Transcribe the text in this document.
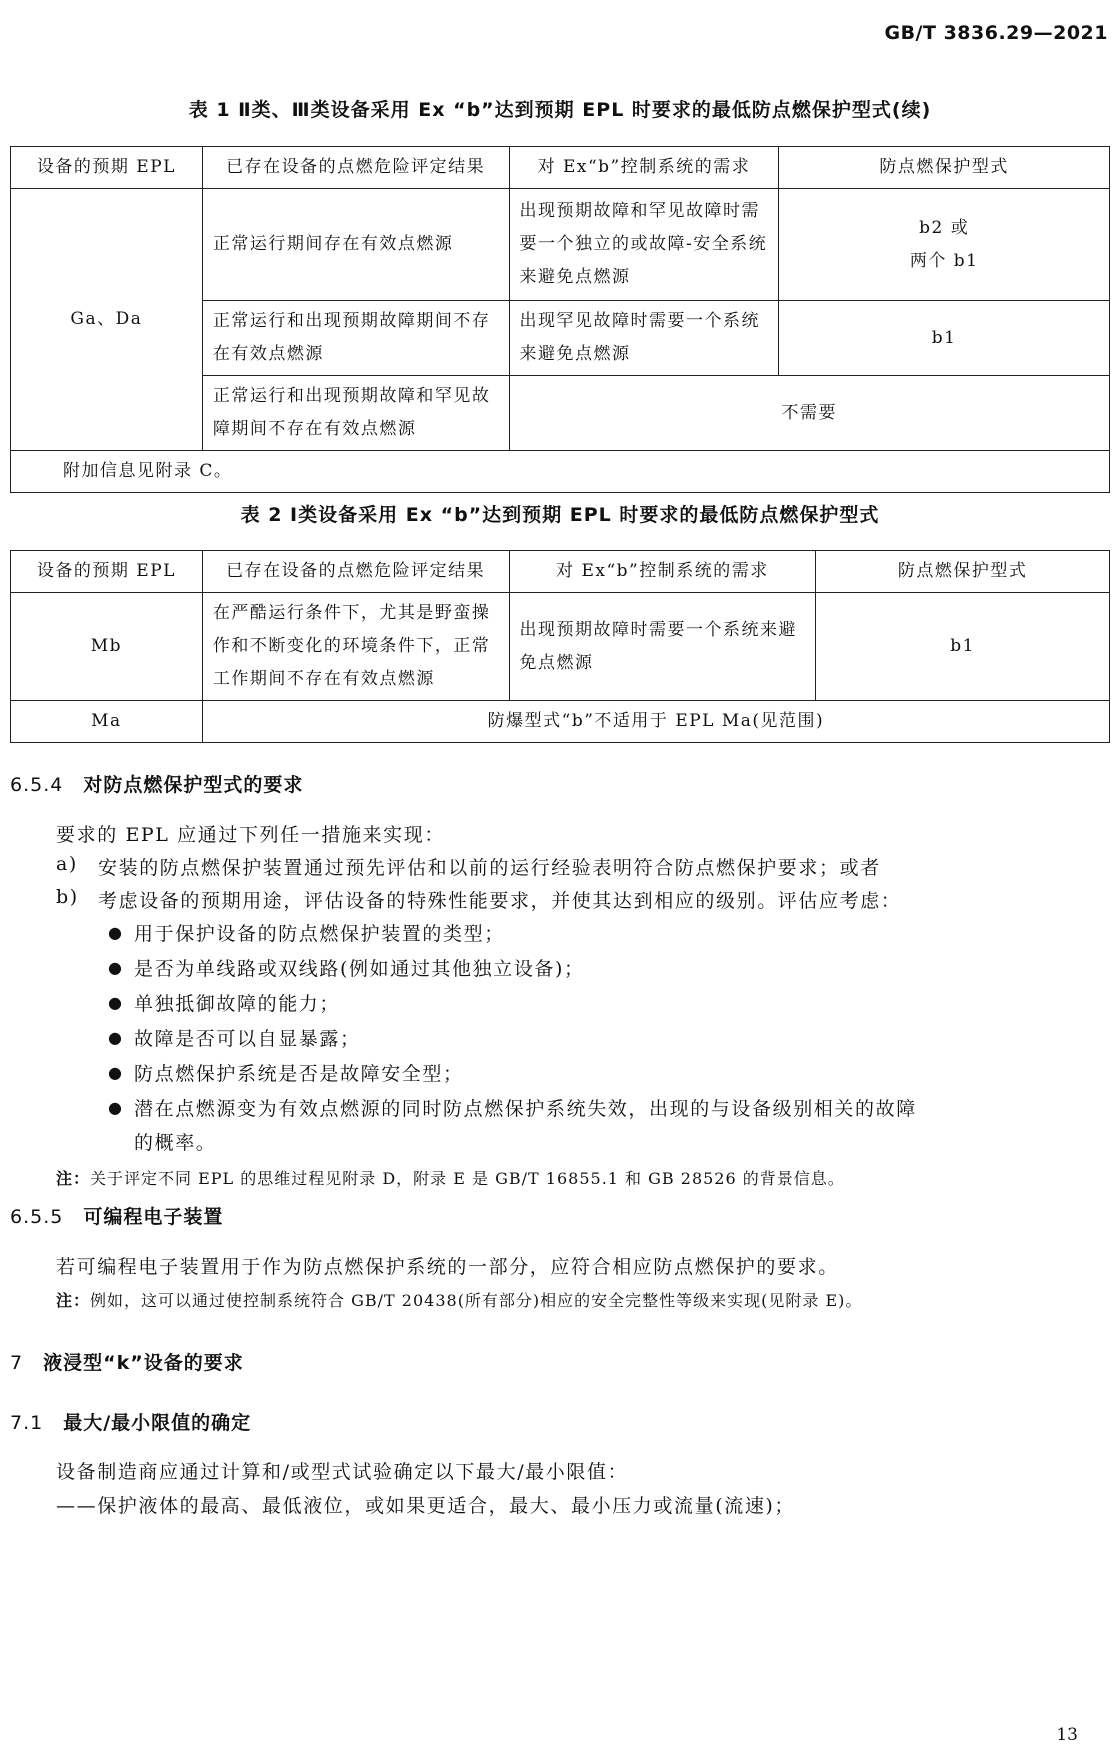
GB/T 3836.29—2021
表 1 Ⅱ类、Ⅲ类设备采用 Ex “b”达到预期 EPL 时要求的最低防点燃保护型式(续)
设备的预期 EPL	已存在设备的点燃危险评定结果	对 Ex“b”控制系统的需求	防点燃保护型式
Ga、Da	正常运行期间存在有效点燃源	出现预期故障和罕见故障时需要一个独立的或故障-安全系统来避免点燃源	b2 或
两个 b1

	正常运行和出现预期故障期间不存在有效点燃源	出现罕见故障时需要一个系统来避免点燃源	b1
	正常运行和出现预期故障和罕见故障期间不存在有效点燃源	不需要	
附加信息见附录 C。			
表 2 Ⅰ类设备采用 Ex “b”达到预期 EPL 时要求的最低防点燃保护型式
设备的预期 EPL	已存在设备的点燃危险评定结果	对 Ex“b”控制系统的需求	防点燃保护型式
Mb	在严酷运行条件下，尤其是野蛮操作和不断变化的环境条件下，正常工作期间不存在有效点燃源	出现预期故障时需要一个系统来避免点燃源	b1
Ma	防爆型式“b”不适用于 EPL Ma(见范围)		
6.5.4 对防点燃保护型式的要求
要求的 EPL 应通过下列任一措施来实现：
a) 安装的防点燃保护装置通过预先评估和以前的运行经验表明符合防点燃保护要求；或者
b) 考虑设备的预期用途，评估设备的特殊性能要求，并使其达到相应的级别。评估应考虑：
● 用于保护设备的防点燃保护装置的类型；
● 是否为单线路或双线路(例如通过其他独立设备)；
● 单独抵御故障的能力；
● 故障是否可以自显暴露；
● 防点燃保护系统是否是故障安全型；
● 潜在点燃源变为有效点燃源的同时防点燃保护系统失效，出现的与设备级别相关的故障
的概率。
注：关于评定不同 EPL 的思维过程见附录 D，附录 E 是 GB/T 16855.1 和 GB 28526 的背景信息。
6.5.5 可编程电子装置
若可编程电子装置用于作为防点燃保护系统的一部分，应符合相应防点燃保护的要求。
注：例如，这可以通过使控制系统符合 GB/T 20438(所有部分)相应的安全完整性等级来实现(见附录 E)。
7 液浸型“k”设备的要求
7.1 最大/最小限值的确定
设备制造商应通过计算和/或型式试验确定以下最大/最小限值：
——保护液体的最高、最低液位，或如果更适合，最大、最小压力或流量(流速)；
13
